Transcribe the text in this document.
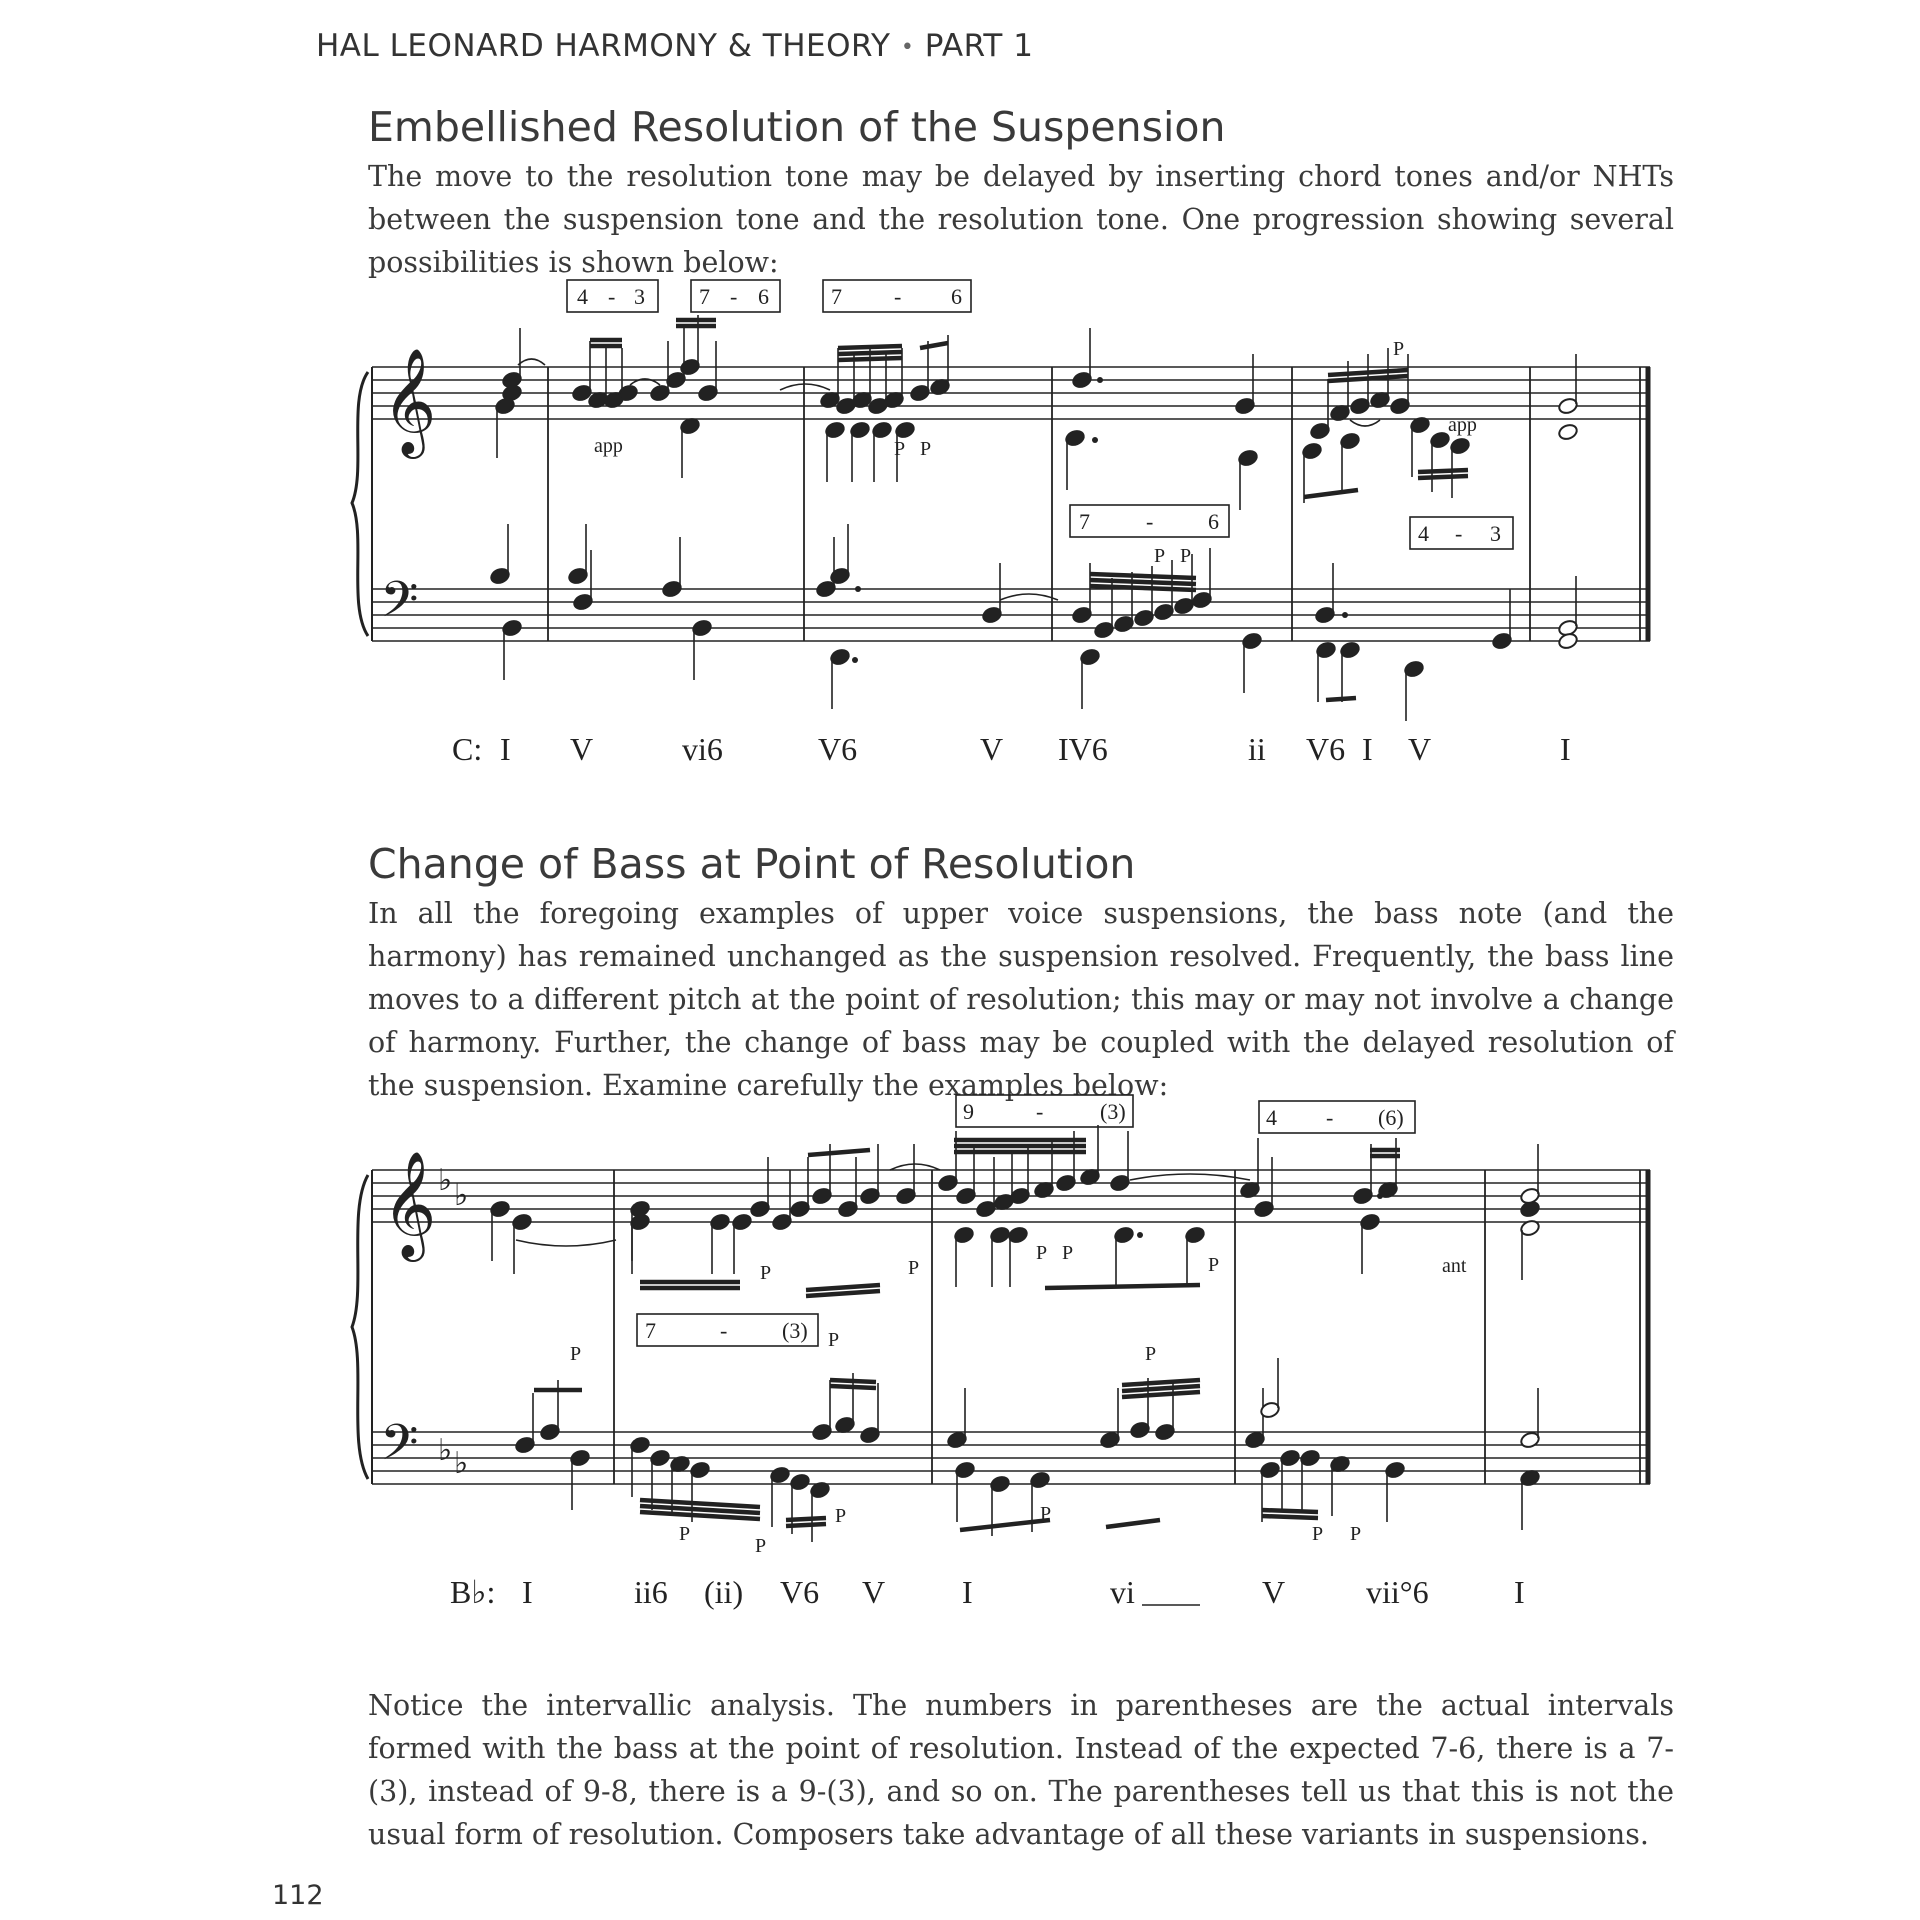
HAL LEONARD HARMONY & THEORY • PART 1
Embellished Resolution of the Suspension
The move to the resolution tone may be delayed by inserting chord tones and/or NHTs between the suspension tone and the resolution tone. One progression showing several possibilities is shown below:
Change of Bass at Point of Resolution
In all the foregoing examples of upper voice suspensions, the bass note (and the harmony) has remained unchanged as the suspension resolved. Frequently, the bass line moves to a different pitch at the point of resolution; this may or may not involve a change of harmony. Further, the change of bass may be coupled with the delayed resolution of the suspension. Examine carefully the examples below:
Notice the intervallic analysis. The numbers in parentheses are the actual intervals formed with the bass at the point of resolution. Instead of the expected 7-6, there is a 7-(3), instead of 9-8, there is a 9-(3), and so on. The parentheses tell us that this is not the usual form of resolution. Composers take advantage of all these variants in suspensions.
112
𝄞
𝄢
𝄞
𝄢
♭ ♭
♭ ♭
4 - 3 7 - 6	7 - 6
7	- 6	4 - 3
9	-	(3)	4 - (6)
7	- (3)
app
P
P P
P P
app
P	P
P P
P
P
ant
P
P
P
P
P	P
P P
C: I V	vi6	V6	V IV6	ii V6 I V	I
B♭: I	ii6 (ii) V6 V I	vi	V	vii°6	I
